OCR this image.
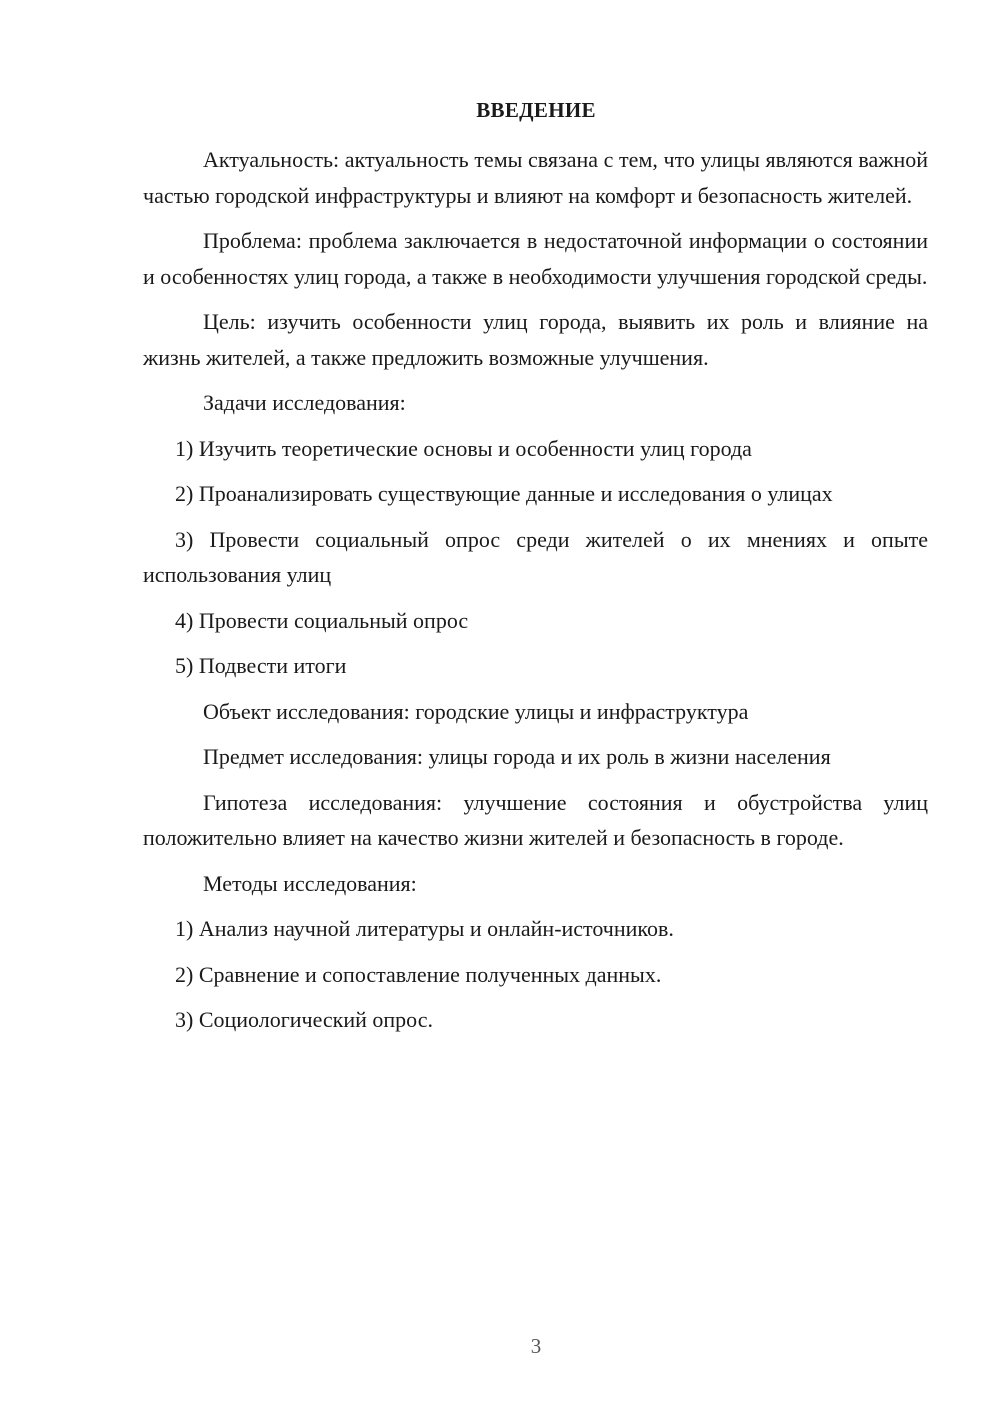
ВВЕДЕНИЕ

Актуальность: актуальность темы связана с тем, что улицы являются важной частью городской инфраструктуры и влияют на комфорт и безопасность жителей.

Проблема: проблема заключается в недостаточной информации о состоянии и особенностях улиц города, а также в необходимости улучшения городской среды.

Цель: изучить особенности улиц города, выявить их роль и влияние на жизнь жителей, а также предложить возможные улучшения.

Задачи исследования:

1) Изучить теоретические основы и особенности улиц города

2) Проанализировать существующие данные и исследования о улицах

3) Провести социальный опрос среди жителей о их мнениях и опыте использования улиц

4) Провести социальный опрос

5) Подвести итоги

Объект исследования: городские улицы и инфраструктура

Предмет исследования: улицы города и их роль в жизни населения

Гипотеза исследования: улучшение состояния и обустройства улиц положительно влияет на качество жизни жителей и безопасность в городе.

Методы исследования:

1) Анализ научной литературы и онлайн-источников.

2) Сравнение и сопоставление полученных данных.

3) Социологический опрос.

3
